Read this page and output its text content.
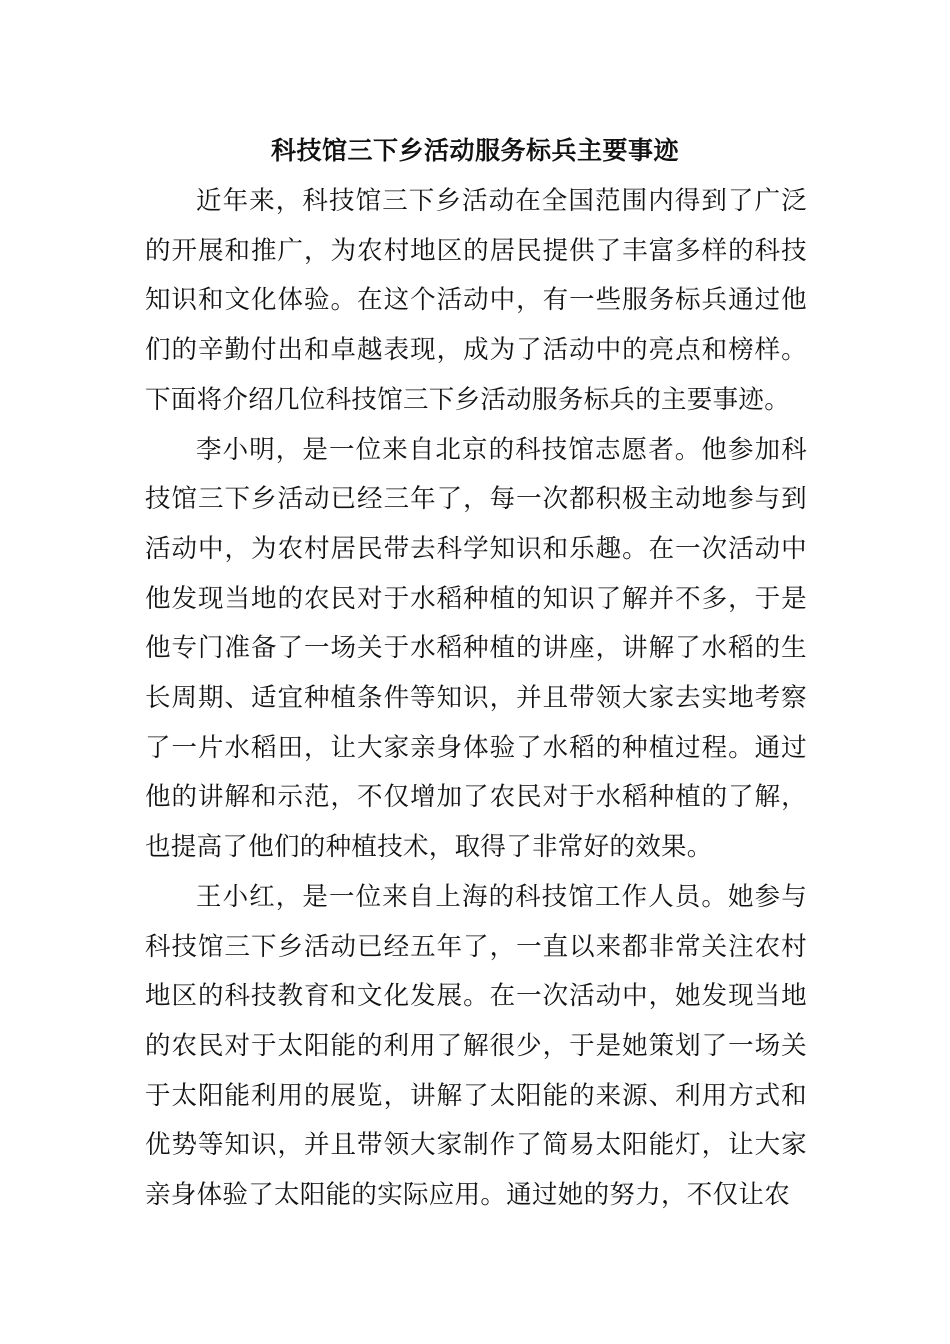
科技馆三下乡活动服务标兵主要事迹

近年来，科技馆三下乡活动在全国范围内得到了广泛的开展和推广，为农村地区的居民提供了丰富多样的科技知识和文化体验。在这个活动中，有一些服务标兵通过他们的辛勤付出和卓越表现，成为了活动中的亮点和榜样。下面将介绍几位科技馆三下乡活动服务标兵的主要事迹。

李小明，是一位来自北京的科技馆志愿者。他参加科技馆三下乡活动已经三年了，每一次都积极主动地参与到活动中，为农村居民带去科学知识和乐趣。在一次活动中他发现当地的农民对于水稻种植的知识了解并不多，于是他专门准备了一场关于水稻种植的讲座，讲解了水稻的生长周期、适宜种植条件等知识，并且带领大家去实地考察了一片水稻田，让大家亲身体验了水稻的种植过程。通过他的讲解和示范，不仅增加了农民对于水稻种植的了解，也提高了他们的种植技术，取得了非常好的效果。

王小红，是一位来自上海的科技馆工作人员。她参与科技馆三下乡活动已经五年了，一直以来都非常关注农村地区的科技教育和文化发展。在一次活动中，她发现当地的农民对于太阳能的利用了解很少，于是她策划了一场关于太阳能利用的展览，讲解了太阳能的来源、利用方式和优势等知识，并且带领大家制作了简易太阳能灯，让大家亲身体验了太阳能的实际应用。通过她的努力，不仅让农
